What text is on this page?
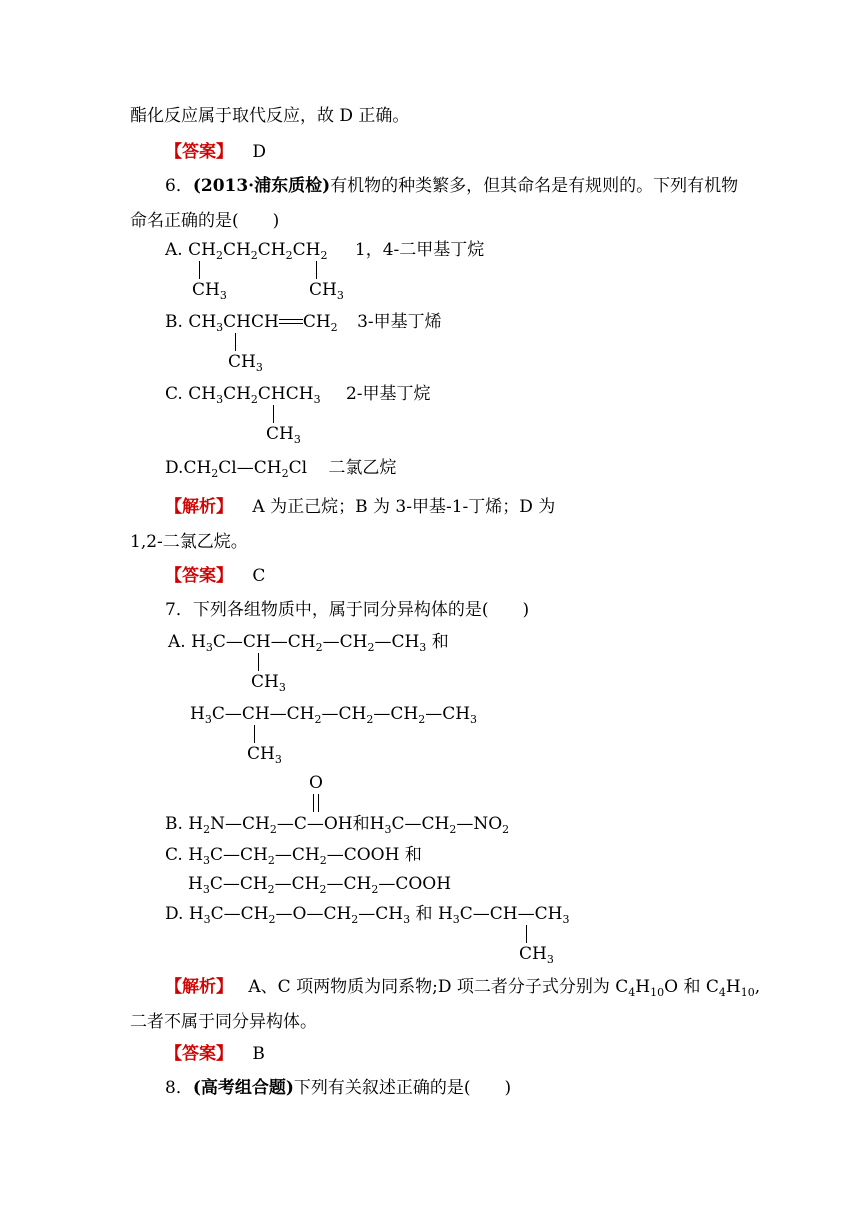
酯化反应属于取代反应，故 D 正确。
【答案】 D
6．(2013·浦东质检)有机物的种类繁多，但其命名是有规则的。下列有机物
命名正确的是(　　)
A. $CH_2CH_2CH_2CH_2$ 1，4-二甲基丁烷
$CH_3$	$CH_3$
B. $CH_3CHCH$ $CH_2$ 3-甲基丁烯
$CH_3$
C. $CH_3CH_2CHCH_3$ 2-甲基丁烷
$CH_3$
$D.CH_2Cl—CH_2Cl$ 二氯乙烷
【解析】 A 为正己烷；B 为 3-甲基-1-丁烯；D 为
1,2-二氯乙烷。
【答案】 C
7．下列各组物质中，属于同分异构体的是(　　)
A. $H_3C—CH—CH_2—CH_2—CH_3$ 和
$CH_3$
$H_3C—CH—CH_2—CH_2—CH_2—CH_3$
$CH_3$
O
B. $H_2N—CH_2—C—OH$和$H_3C—CH_2—NO_2$
C. $H_3C—CH_2—CH_2—COOH$ 和
$H_3C—CH_2—CH_2—CH_2—COOH$
D. $H_3C—CH_2—O—CH_2—CH_3$ 和 $H_3C—CH—CH_3$
$CH_3$
【解析】 A、C 项两物质为同系物;D 项二者分子式分别为 $C_4H_{10}O$ 和 $C_4H_{10}$,
二者不属于同分异构体。
【答案】 B
8．(高考组合题)下列有关叙述正确的是(　　)
